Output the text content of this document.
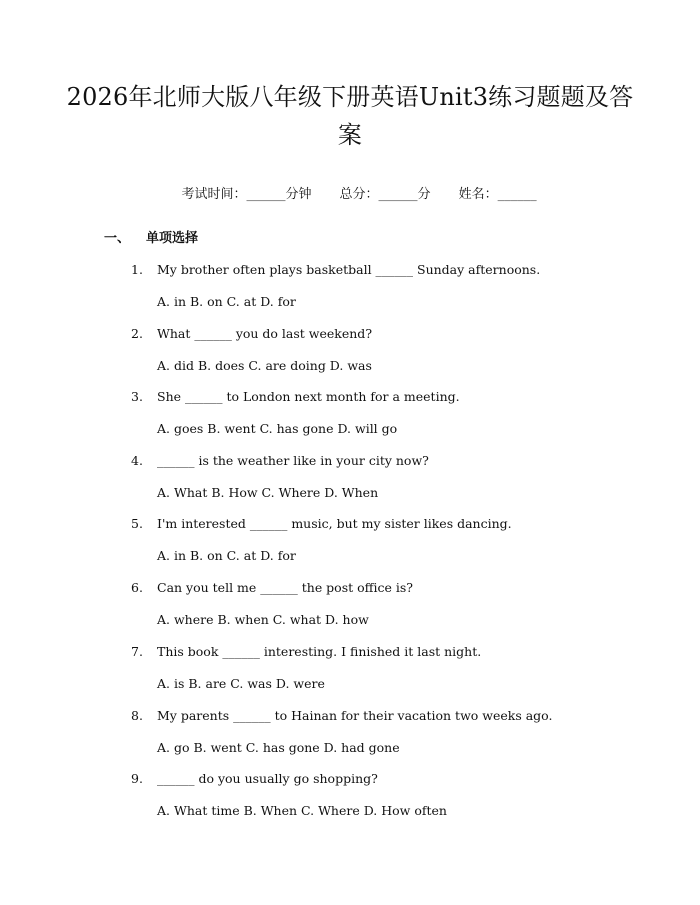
2026年北师大版八年级下册英语Unit3练习题题及答案

考试时间：______分钟 总分：______分 姓名：______

一、 单项选择

1.

My brother often plays basketball ______ Sunday afternoons.

A. in B. on C. at D. for

2.

What ______ you do last weekend?

A. did B. does C. are doing D. was

3.

She ______ to London next month for a meeting.

A. goes B. went C. has gone D. will go

4.

______ is the weather like in your city now?

A. What B. How C. Where D. When

5.

I'm interested ______ music, but my sister likes dancing.

A. in B. on C. at D. for

6.

Can you tell me ______ the post office is?

A. where B. when C. what D. how

7.

This book ______ interesting. I finished it last night.

A. is B. are C. was D. were

8.

My parents ______ to Hainan for their vacation two weeks ago.

A. go B. went C. has gone D. had gone

9.

______ do you usually go shopping?

A. What time B. When C. Where D. How often
